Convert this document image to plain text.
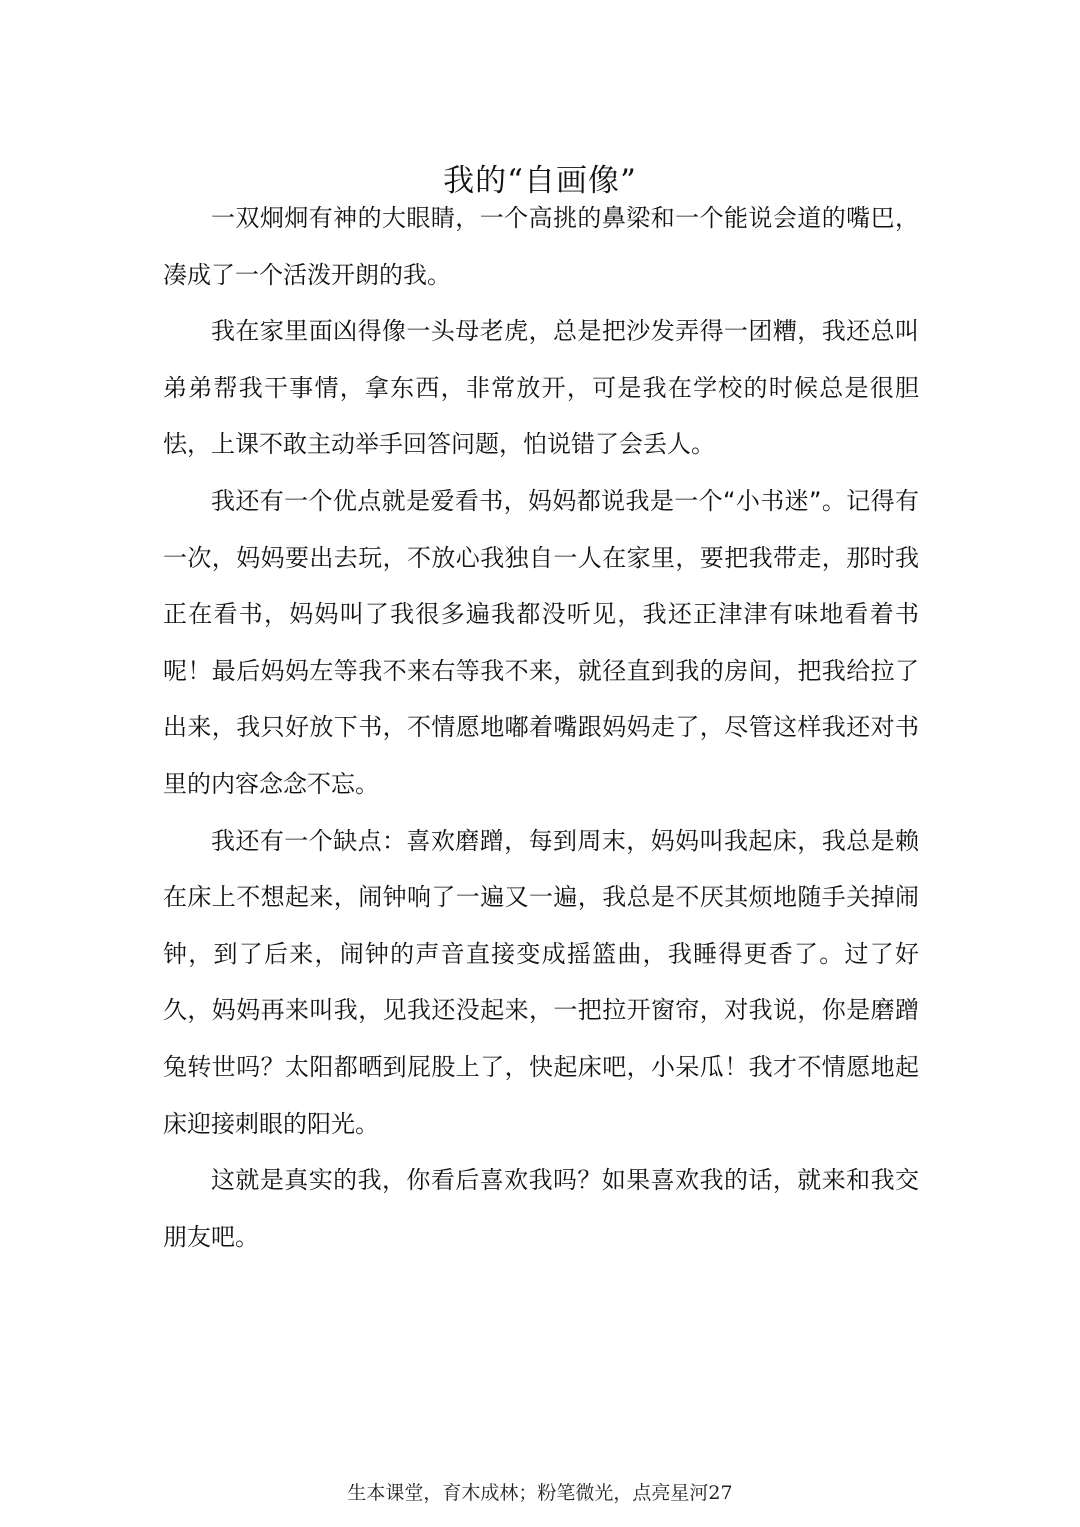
我的“自画像”

一双炯炯有神的大眼睛，一个高挑的鼻梁和一个能说会道的嘴巴，凑成了一个活泼开朗的我。

我在家里面凶得像一头母老虎，总是把沙发弄得一团糟，我还总叫弟弟帮我干事情，拿东西，非常放开，可是我在学校的时候总是很胆怯，上课不敢主动举手回答问题，怕说错了会丢人。

我还有一个优点就是爱看书，妈妈都说我是一个“小书迷”。记得有一次，妈妈要出去玩，不放心我独自一人在家里，要把我带走，那时我正在看书，妈妈叫了我很多遍我都没听见，我还正津津有味地看着书呢！最后妈妈左等我不来右等我不来，就径直到我的房间，把我给拉了出来，我只好放下书，不情愿地嘟着嘴跟妈妈走了，尽管这样我还对书里的内容念念不忘。

我还有一个缺点：喜欢磨蹭，每到周末，妈妈叫我起床，我总是赖在床上不想起来，闹钟响了一遍又一遍，我总是不厌其烦地随手关掉闹钟，到了后来，闹钟的声音直接变成摇篮曲，我睡得更香了。过了好久，妈妈再来叫我，见我还没起来，一把拉开窗帘，对我说，你是磨蹭兔转世吗？太阳都晒到屁股上了，快起床吧，小呆瓜！我才不情愿地起床迎接刺眼的阳光。

这就是真实的我，你看后喜欢我吗？如果喜欢我的话，就来和我交朋友吧。

生本课堂，育木成林；粉笔微光，点亮星河27
